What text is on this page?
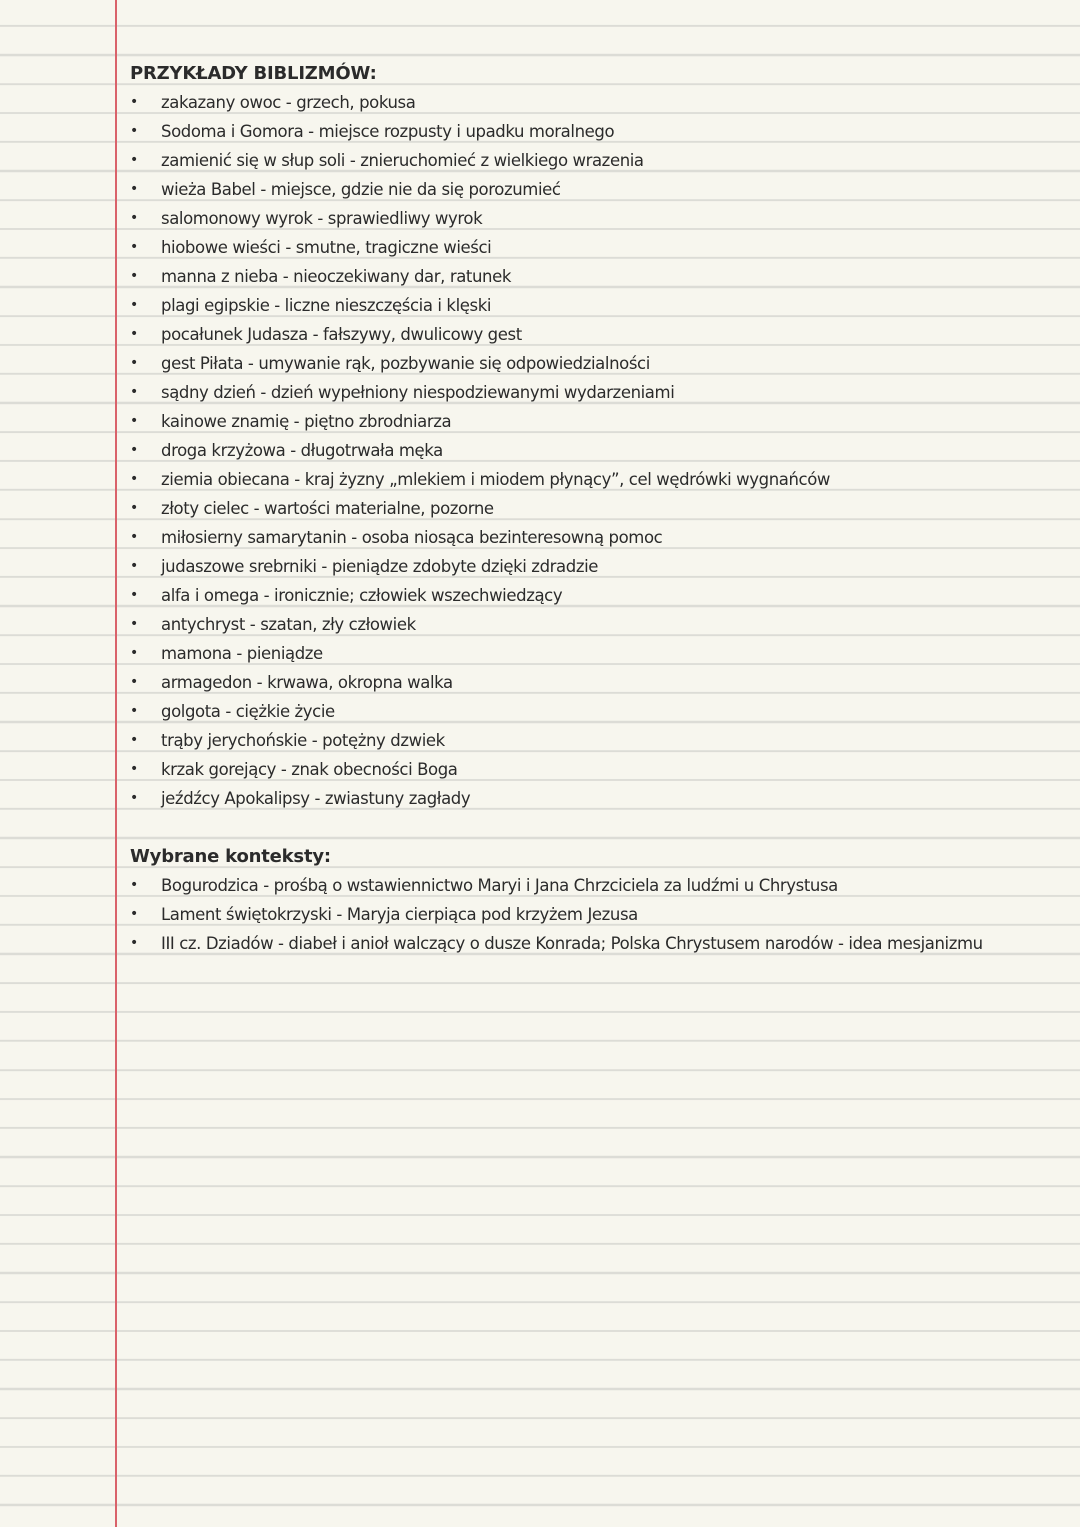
PRZYKŁADY BIBLIZMÓW:
• zakazany owoc - grzech, pokusa
• Sodoma i Gomora - miejsce rozpusty i upadku moralnego
• zamienić się w słup soli - znieruchomieć z wielkiego wrazenia
• wieża Babel - miejsce, gdzie nie da się porozumieć
• salomonowy wyrok - sprawiedliwy wyrok
• hiobowe wieści - smutne, tragiczne wieści
• manna z nieba - nieoczekiwany dar, ratunek
• plagi egipskie - liczne nieszczęścia i klęski
• pocałunek Judasza - fałszywy, dwulicowy gest
• gest Piłata - umywanie rąk, pozbywanie się odpowiedzialności
• sądny dzień - dzień wypełniony niespodziewanymi wydarzeniami
• kainowe znamię - piętno zbrodniarza
• droga krzyżowa - długotrwała męka
• ziemia obiecana - kraj żyzny „mlekiem i miodem płynący”, cel wędrówki wygnańców
• złoty cielec - wartości materialne, pozorne
• miłosierny samarytanin - osoba niosąca bezinteresowną pomoc
• judaszowe srebrniki - pieniądze zdobyte dzięki zdradzie
• alfa i omega - ironicznie; człowiek wszechwiedzący
• antychryst - szatan, zły człowiek
• mamona - pieniądze
• armagedon - krwawa, okropna walka
• golgota - ciężkie życie
• trąby jerychońskie - potężny dzwiek
• krzak gorejący - znak obecności Boga
• jeźdźcy Apokalipsy - zwiastuny zagłady
Wybrane konteksty:
• Bogurodzica - prośbą o wstawiennictwo Maryi i Jana Chrzciciela za ludźmi u Chrystusa
• Lament świętokrzyski - Maryja cierpiąca pod krzyżem Jezusa
• III cz. Dziadów - diabeł i anioł walczący o dusze Konrada; Polska Chrystusem narodów - idea mesjanizmu
